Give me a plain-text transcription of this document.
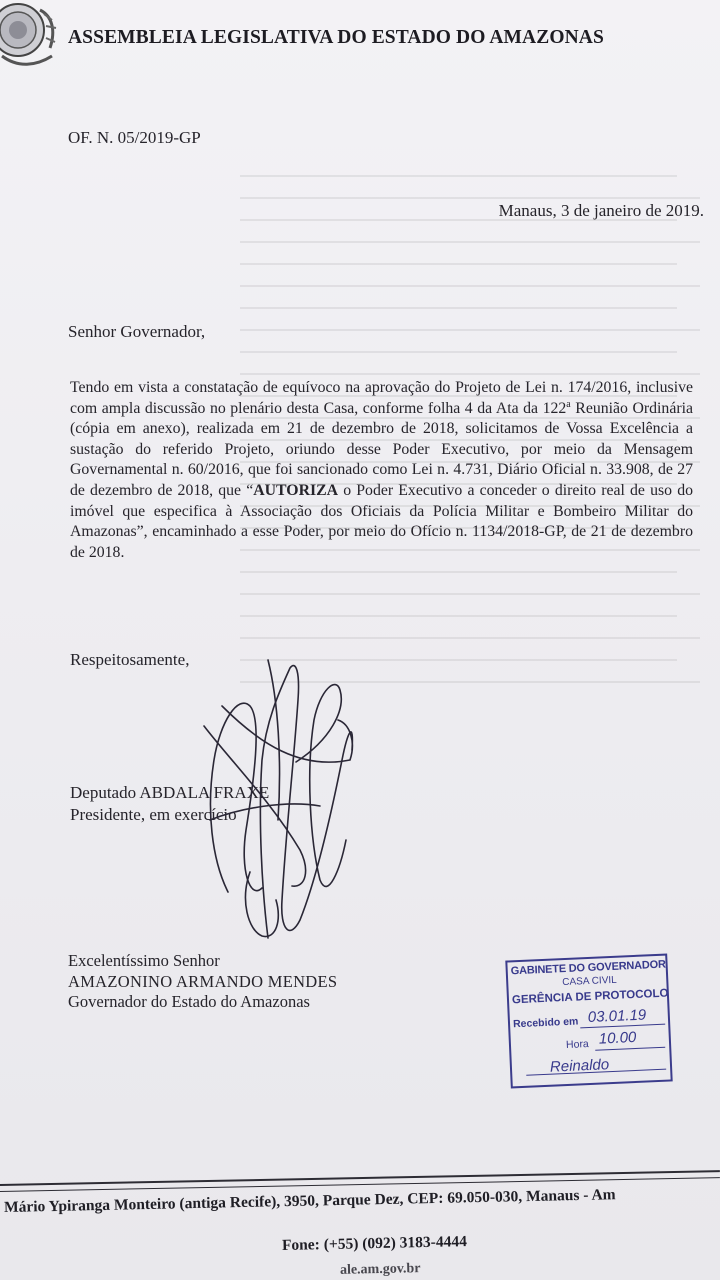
ASSEMBLEIA LEGISLATIVA DO ESTADO DO AMAZONAS
OF. N. 05/2019-GP
Manaus, 3 de janeiro de 2019.
Senhor Governador,
Tendo em vista a constatação de equívoco na aprovação do Projeto de Lei n. 174/2016, inclusive com ampla discussão no plenário desta Casa, conforme folha 4 da Ata da 122$^a$ Reunião Ordinária (cópia em anexo), realizada em 21 de dezembro de 2018, solicitamos de Vossa Excelência a sustação do referido Projeto, oriundo desse Poder Executivo, por meio da Mensagem Governamental n. 60/2016, que foi sancionado como Lei n. 4.731, Diário Oficial n. 33.908, de 27 de dezembro de 2018, que “AUTORIZA o Poder Executivo a conceder o direito real de uso do imóvel que especifica à Associação dos Oficiais da Polícia Militar e Bombeiro Militar do Amazonas”, encaminhado a esse Poder, por meio do Ofício n. 1134/2018-GP, de 21 de dezembro de 2018.
Respeitosamente,
Deputado ABDALA FRAXE
Presidente, em exercício
Excelentíssimo Senhor
AMAZONINO ARMANDO MENDES
Governador do Estado do Amazonas
GABINETE DO GOVERNADOR
CASA CIVIL
GERÊNCIA DE PROTOCOLO
Recebido em 03.01.19
Hora 10.00
Reinaldo
Mário Ypiranga Monteiro (antiga Recife), 3950, Parque Dez, CEP: 69.050-030, Manaus - Am
Fone: (+55) (092) 3183-4444
ale.am.gov.br
